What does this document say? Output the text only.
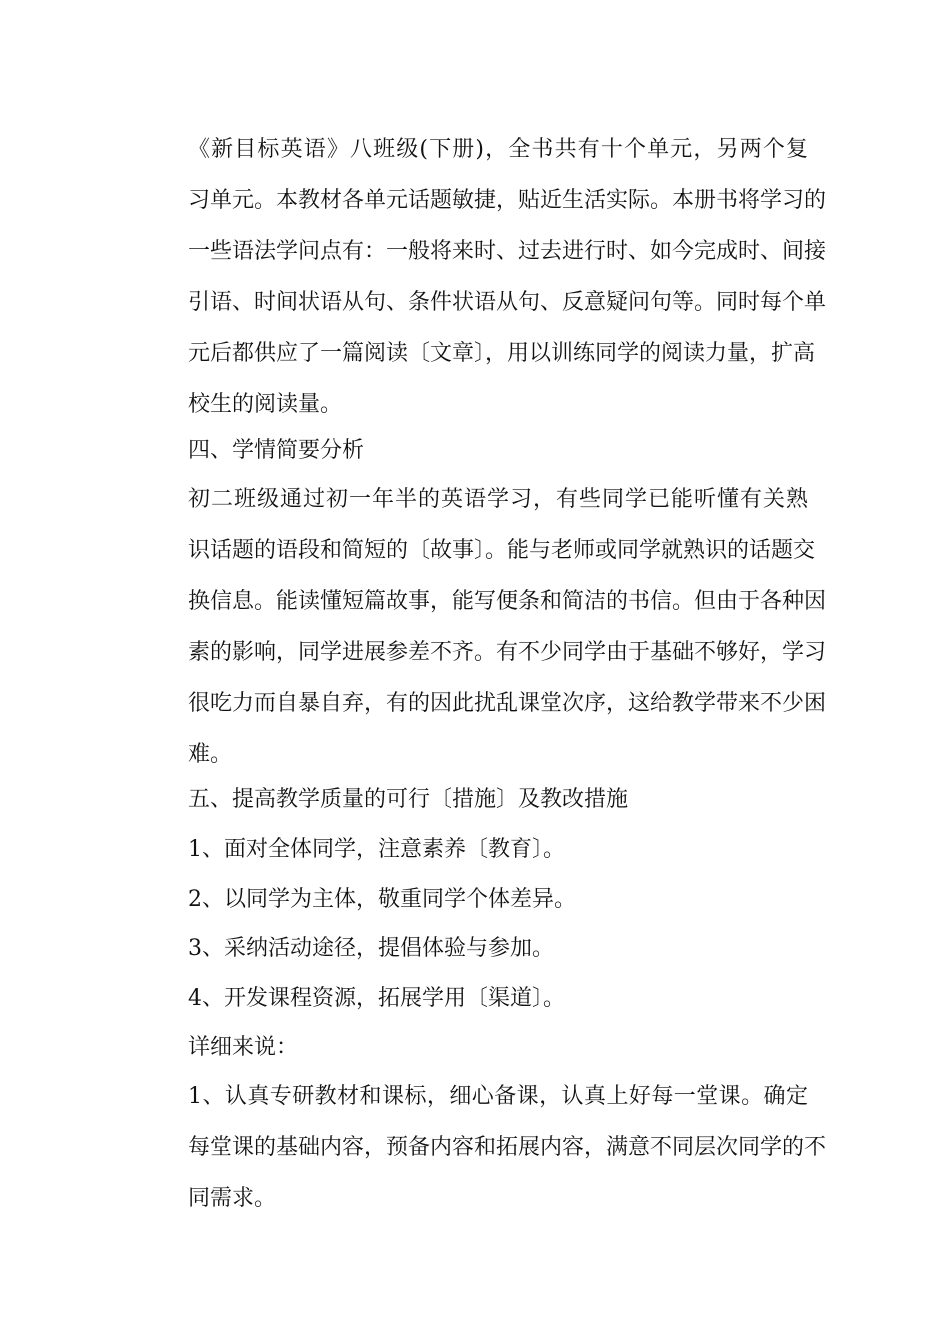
《新目标英语》八班级(下册)，全书共有十个单元，另两个复
习单元。本教材各单元话题敏捷，贴近生活实际。本册书将学习的
一些语法学问点有：一般将来时、过去进行时、如今完成时、间接
引语、时间状语从句、条件状语从句、反意疑问句等。同时每个单
元后都供应了一篇阅读〔文章〕，用以训练同学的阅读力量，扩高
校生的阅读量。
四、学情简要分析
初二班级通过初一年半的英语学习，有些同学已能听懂有关熟
识话题的语段和简短的〔故事〕。能与老师或同学就熟识的话题交
换信息。能读懂短篇故事，能写便条和简洁的书信。但由于各种因
素的影响，同学进展参差不齐。有不少同学由于基础不够好，学习
很吃力而自暴自弃，有的因此扰乱课堂次序，这给教学带来不少困
难。
五、提高教学质量的可行〔措施〕及教改措施
1、面对全体同学，注意素养〔教育〕。
2、以同学为主体，敬重同学个体差异。
3、采纳活动途径，提倡体验与参加。
4、开发课程资源，拓展学用〔渠道〕。
详细来说：
1、认真专研教材和课标，细心备课，认真上好每一堂课。确定
每堂课的基础内容，预备内容和拓展内容，满意不同层次同学的不
同需求。
